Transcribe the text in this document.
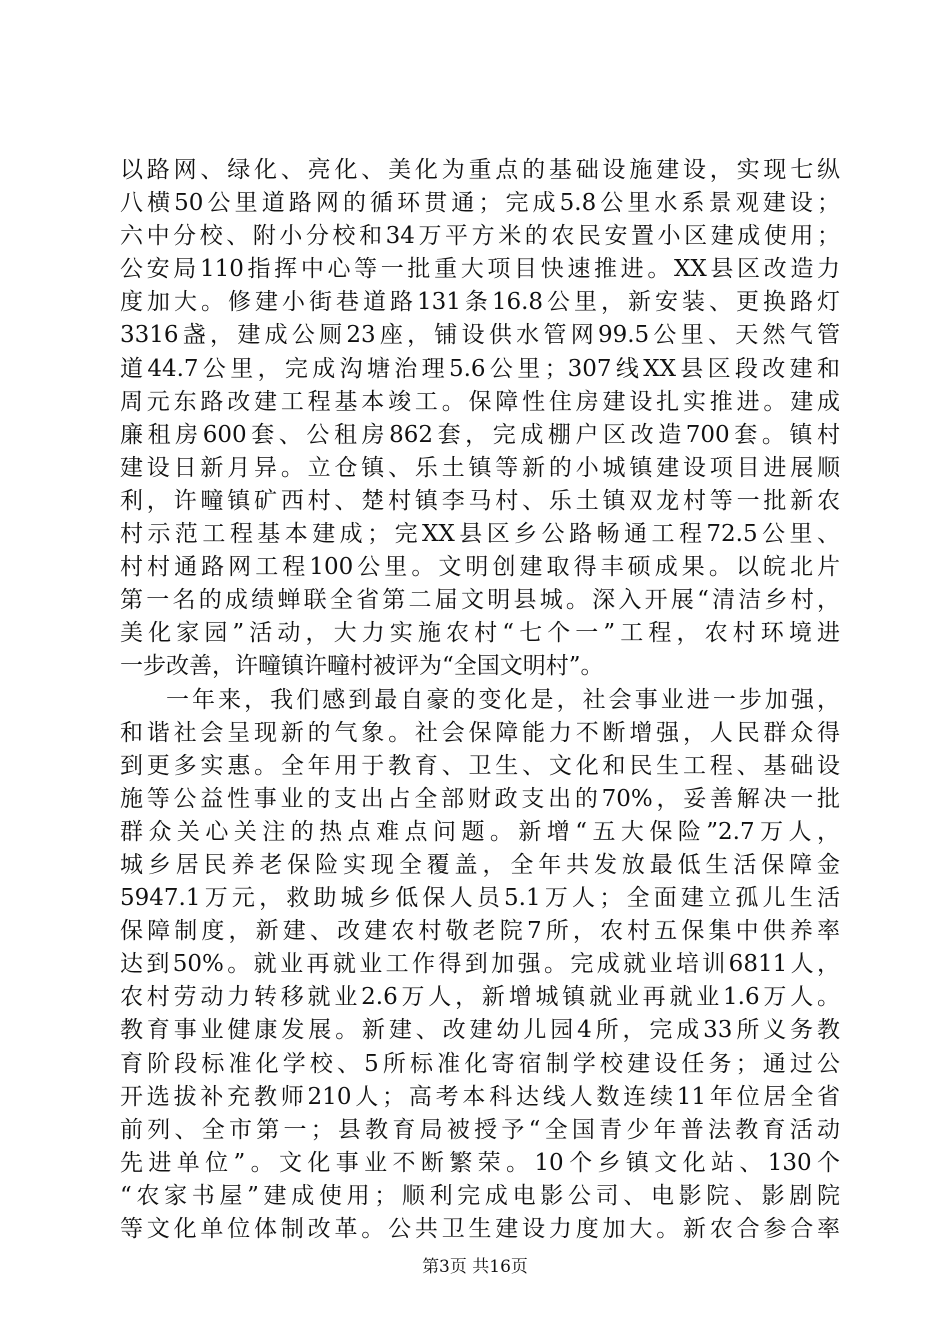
以路网、绿化、亮化、美化为重点的基础设施建设，实现七纵
八横50公里道路网的循环贯通；完成5.8公里水系景观建设；
六中分校、附小分校和34万平方米的农民安置小区建成使用；
公安局110指挥中心等一批重大项目快速推进。XX县区改造力
度加大。修建小街巷道路131条16.8公里，新安装、更换路灯
3316盏，建成公厕23座，铺设供水管网99.5公里、天然气管
道44.7公里，完成沟塘治理5.6公里；307线XX县区段改建和
周元东路改建工程基本竣工。保障性住房建设扎实推进。建成
廉租房600套、公租房862套，完成棚户区改造700套。镇村
建设日新月异。立仓镇、乐土镇等新的小城镇建设项目进展顺
利，许疃镇矿西村、楚村镇李马村、乐土镇双龙村等一批新农
村示范工程基本建成；完XX县区乡公路畅通工程72.5公里、
村村通路网工程100公里。文明创建取得丰硕成果。以皖北片
第一名的成绩蝉联全省第二届文明县城。深入开展“清洁乡村，
美化家园”活动，大力实施农村“七个一”工程，农村环境进
一步改善，许疃镇许疃村被评为“全国文明村”。
一年来，我们感到最自豪的变化是，社会事业进一步加强，
和谐社会呈现新的气象。社会保障能力不断增强，人民群众得
到更多实惠。全年用于教育、卫生、文化和民生工程、基础设
施等公益性事业的支出占全部财政支出的70%，妥善解决一批
群众关心关注的热点难点问题。新增“五大保险”2.7万人，
城乡居民养老保险实现全覆盖，全年共发放最低生活保障金
5947.1万元，救助城乡低保人员5.1万人；全面建立孤儿生活
保障制度，新建、改建农村敬老院7所，农村五保集中供养率
达到50%。就业再就业工作得到加强。完成就业培训6811人，
农村劳动力转移就业2.6万人，新增城镇就业再就业1.6万人。
教育事业健康发展。新建、改建幼儿园4所，完成33所义务教
育阶段标准化学校、5所标准化寄宿制学校建设任务；通过公
开选拔补充教师210人；高考本科达线人数连续11年位居全省
前列、全市第一；县教育局被授予“全国青少年普法教育活动
先进单位”。文化事业不断繁荣。10个乡镇文化站、130个
“农家书屋”建成使用；顺利完成电影公司、电影院、影剧院
等文化单位体制改革。公共卫生建设力度加大。新农合参合率
第3页 共16页
